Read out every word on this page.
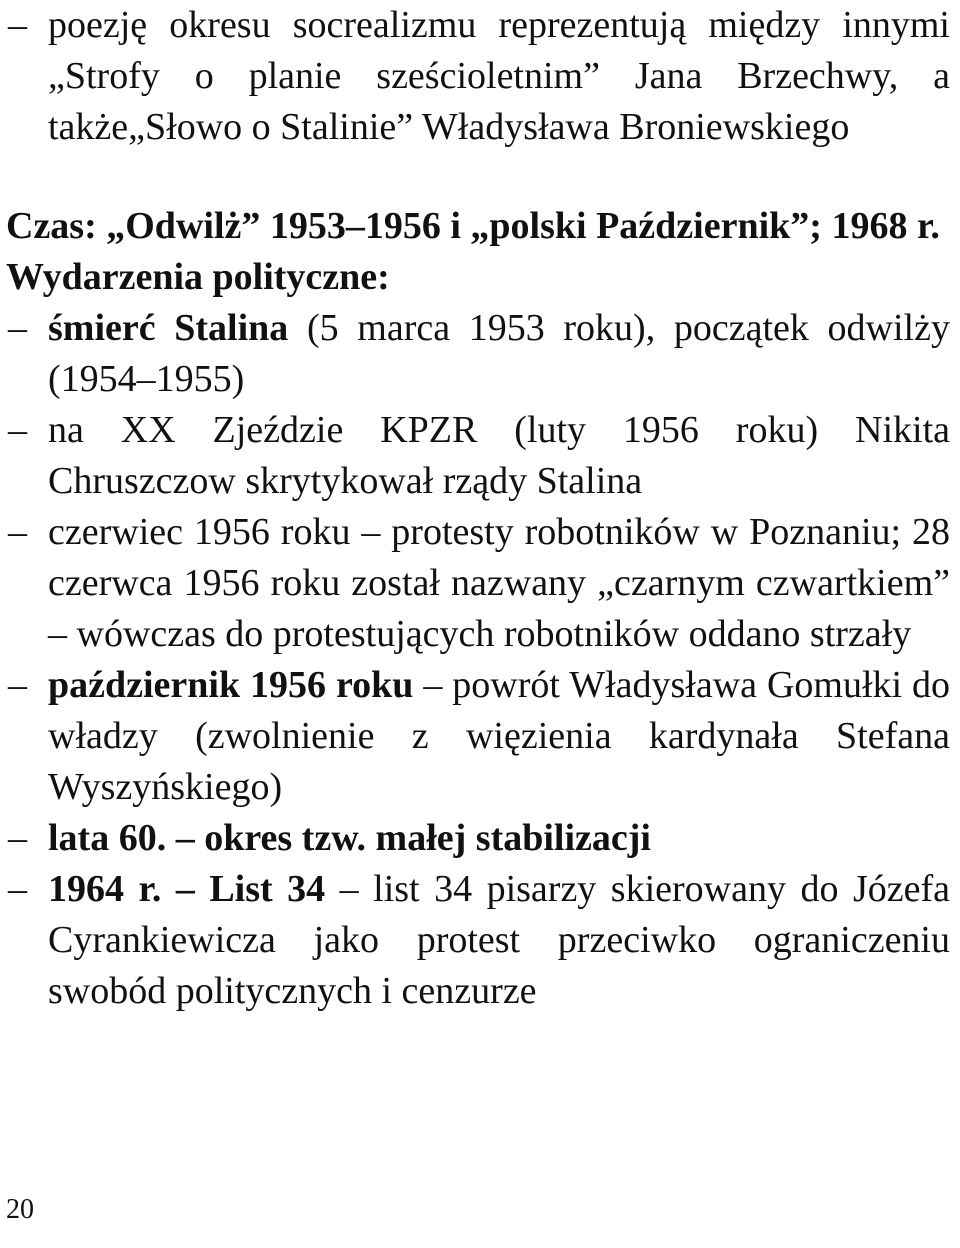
– poezję okresu socrealizmu reprezentują między innymi „Strofy o planie sześcioletnim” Jana Brzechwy, a także„Słowo o Stalinie” Władysława Broniewskiego
Czas: „Odwilż” 1953–1956 i „polski Październik”; 1968 r.
Wydarzenia polityczne:
– śmierć Stalina (5 marca 1953 roku), początek odwilży (1954–1955)
– na XX Zjeździe KPZR (luty 1956 roku) Nikita Chruszczow skrytykował rządy Stalina
– czerwiec 1956 roku – protesty robotników w Poznaniu; 28 czerwca 1956 roku został nazwany „czarnym czwartkiem” – wówczas do protestujących robotników oddano strzały
– październik 1956 roku – powrót Władysława Gomułki do władzy (zwolnienie z więzienia kardynała Stefana Wyszyńskiego)
– lata 60. – okres tzw. małej stabilizacji
– 1964 r. – List 34 – list 34 pisarzy skierowany do Józefa Cyrankiewicza jako protest przeciwko ograniczeniu swobód politycznych i cenzurze
20
